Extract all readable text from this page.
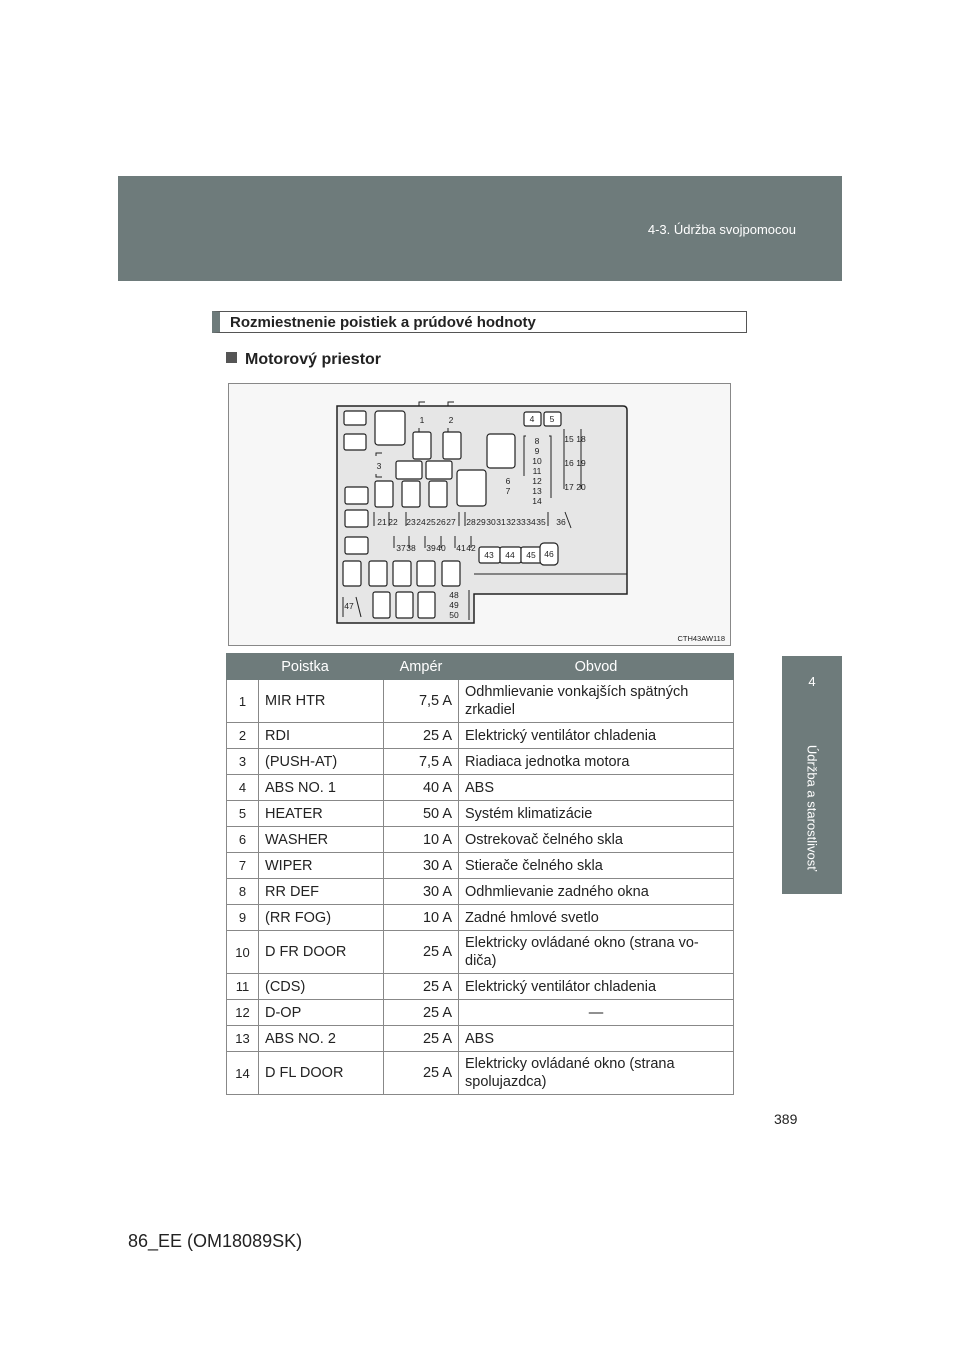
4-3. Údržba svojpomocou
4
Údržba a starostlivosť
Rozmiestnenie poistiek a prúdové hodnoty
Motorový priestor
1	2
3
4 5
6
7
8
9
10
11
12
13
14
15
16
17
18
19
20
21 22 23 24 25 26 27 28 29 30 31 32 33 34 35 36
37 38 39 40 41 42
43 44 45 46
47
48
49
50
CTH43AW118
Poistka		Ampér	Obvod
1	MIR HTR	7,5 A	Odhmlievanie vonkajších spätných zrkadiel
2	RDI	25 A	Elektrický ventilátor chladenia
3	(PUSH-AT)	7,5 A	Riadiaca jednotka motora
4	ABS NO. 1	40 A	ABS
5	HEATER	50 A	Systém klimatizácie
6	WASHER	10 A	Ostrekovač čelného skla
7	WIPER	30 A	Stierače čelného skla
8	RR DEF	30 A	Odhmlievanie zadného okna
9	(RR FOG)	10 A	Zadné hmlové svetlo
10	D FR DOOR	25 A	Elektricky ovládané okno (strana vo-diča)
11	(CDS)	25 A	Elektrický ventilátor chladenia
12	D-OP	25 A	—
13	ABS NO. 2	25 A	ABS
14	D FL DOOR	25 A	Elektricky ovládané okno (strana spolujazdca)
389
86_EE (OM18089SK)
